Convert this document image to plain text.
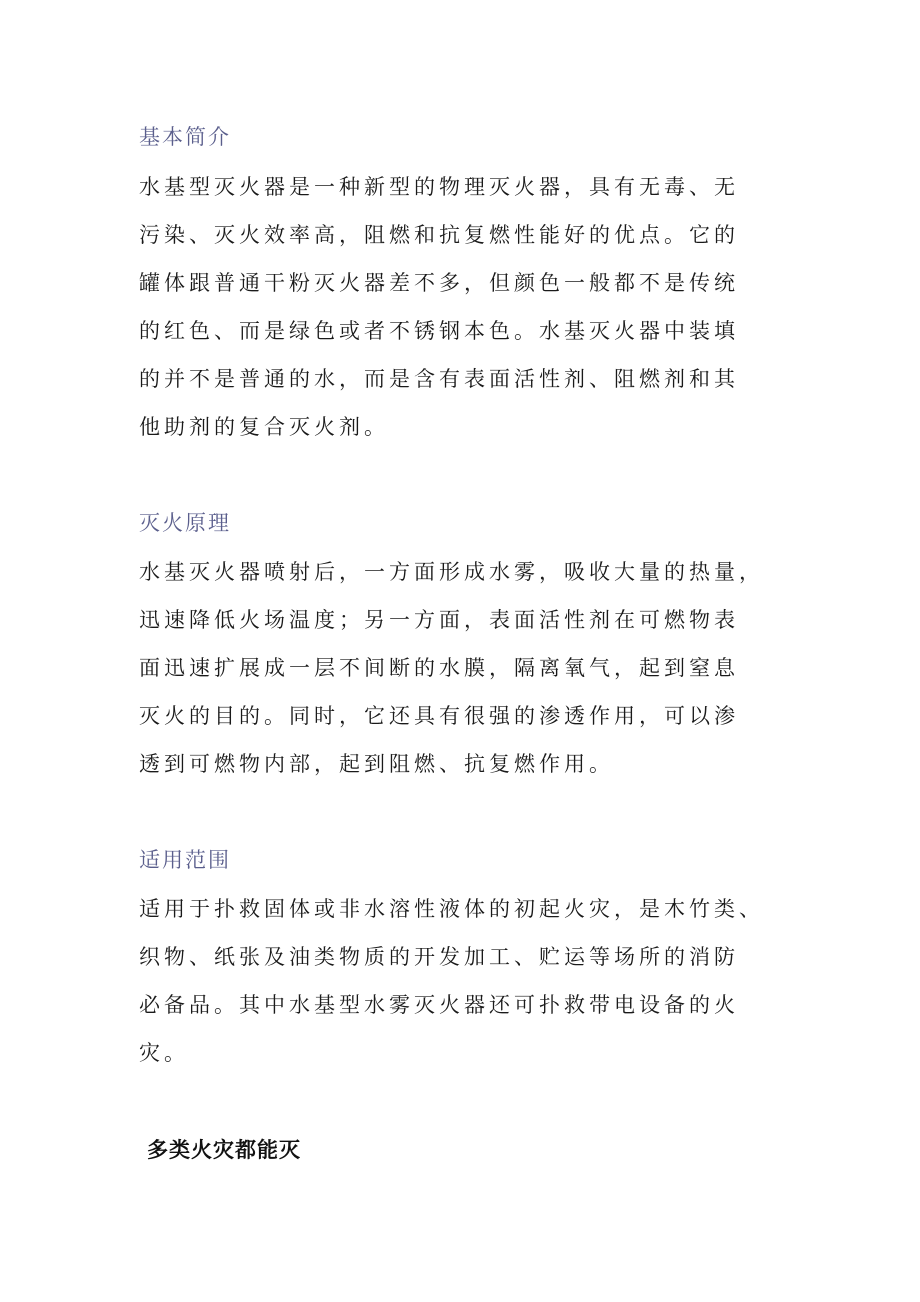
基本简介
水基型灭火器是一种新型的物理灭火器，具有无毒、无
污染、灭火效率高，阻燃和抗复燃性能好的优点。它的
罐体跟普通干粉灭火器差不多，但颜色一般都不是传统
的红色、而是绿色或者不锈钢本色。水基灭火器中装填
的并不是普通的水，而是含有表面活性剂、阻燃剂和其
他助剂的复合灭火剂。
灭火原理
水基灭火器喷射后，一方面形成水雾，吸收大量的热量，
迅速降低火场温度；另一方面，表面活性剂在可燃物表
面迅速扩展成一层不间断的水膜，隔离氧气，起到窒息
灭火的目的。同时，它还具有很强的渗透作用，可以渗
透到可燃物内部，起到阻燃、抗复燃作用。
适用范围
适用于扑救固体或非水溶性液体的初起火灾，是木竹类、
织物、纸张及油类物质的开发加工、贮运等场所的消防
必备品。其中水基型水雾灭火器还可扑救带电设备的火
灾。
多类火灾都能灭
